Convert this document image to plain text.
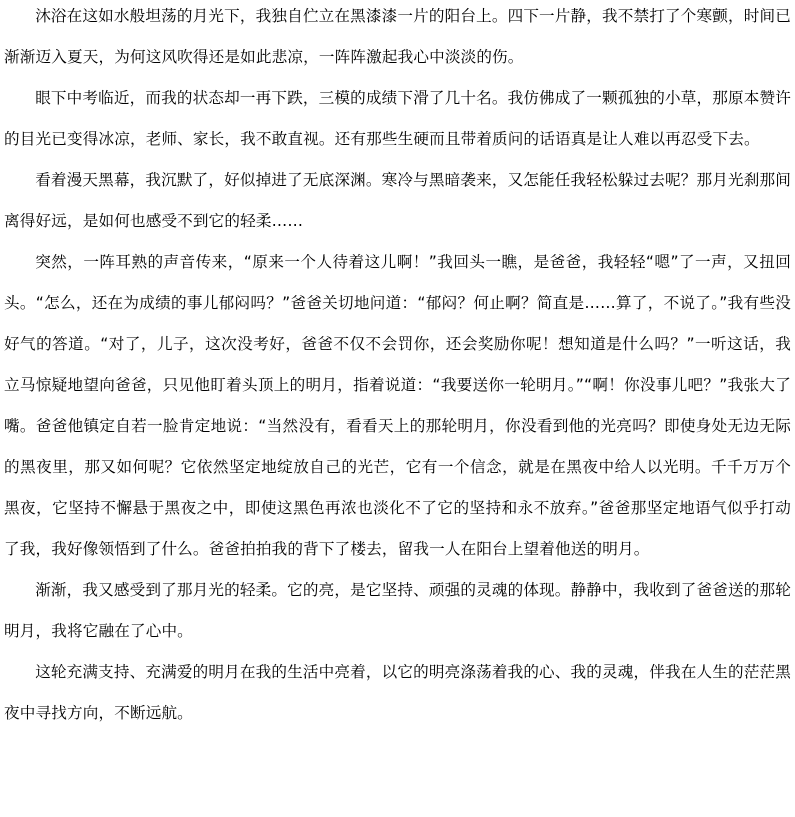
沐浴在这如水般坦荡的月光下，我独自伫立在黑漆漆一片的阳台上。四下一片静，我不禁打了个寒颤，时间已渐渐迈入夏天，为何这风吹得还是如此悲凉，一阵阵激起我心中淡淡的伤。

眼下中考临近，而我的状态却一再下跌，三模的成绩下滑了几十名。我仿佛成了一颗孤独的小草，那原本赞许的目光已变得冰凉，老师、家长，我不敢直视。还有那些生硬而且带着质问的话语真是让人难以再忍受下去。

看着漫天黑幕，我沉默了，好似掉进了无底深渊。寒冷与黑暗袭来，又怎能任我轻松躲过去呢？那月光刹那间离得好远，是如何也感受不到它的轻柔……

突然，一阵耳熟的声音传来，“原来一个人待着这儿啊！”我回头一瞧，是爸爸，我轻轻“嗯”了一声，又扭回头。“怎么，还在为成绩的事儿郁闷吗？”爸爸关切地问道：“郁闷？何止啊？简直是……算了，不说了。”我有些没好气的答道。“对了，儿子，这次没考好，爸爸不仅不会罚你，还会奖励你呢！想知道是什么吗？”一听这话，我立马惊疑地望向爸爸，只见他盯着头顶上的明月，指着说道：“我要送你一轮明月。”“啊！你没事儿吧？”我张大了嘴。爸爸他镇定自若一脸肯定地说：“当然没有，看看天上的那轮明月，你没看到他的光亮吗？即使身处无边无际的黑夜里，那又如何呢？它依然坚定地绽放自己的光芒，它有一个信念，就是在黑夜中给人以光明。千千万万个黑夜，它坚持不懈悬于黑夜之中，即使这黑色再浓也淡化不了它的坚持和永不放弃。”爸爸那坚定地语气似乎打动了我，我好像领悟到了什么。爸爸拍拍我的背下了楼去，留我一人在阳台上望着他送的明月。

渐渐，我又感受到了那月光的轻柔。它的亮，是它坚持、顽强的灵魂的体现。静静中，我收到了爸爸送的那轮明月，我将它融在了心中。

这轮充满支持、充满爱的明月在我的生活中亮着，以它的明亮涤荡着我的心、我的灵魂，伴我在人生的茫茫黑夜中寻找方向，不断远航。
